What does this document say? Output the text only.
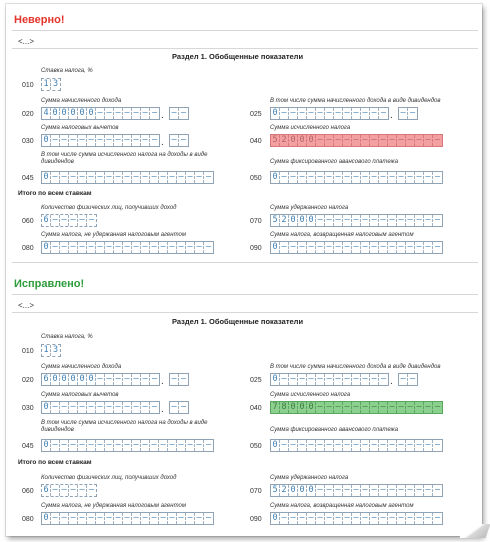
Неверно!
<...>
Раздел 1. Обобщенные показатели
Ставка налога, %
010 1 3
Сумма начисленного дохода
020 4 0 0 0 0 0 – – – – – – – . – –
В том числе сумма начисленного дохода в виде дивидендов
025 0 – – – – – – – – – – – – . – –
Сумма налоговых вычетов
030 0 – – – – – – – – – – – – . – –
Сумма исчисленного налога
040 5 2 0 0 0 – – – – – – – – – – – – – –
В том числе сумма исчисленного налога на доходы в виде дивидендов
045 0 – – – – – – – – – – – – – – – – – –
Сумма фиксированного авансового платежа
050 0 – – – – – – – – – – – – – – – – – –
Итого по всем ставкам
Количество физических лиц, получивших доход
060 6 – – – – –
Сумма удержанного налога
070 5 2 0 0 0 – – – – – – – – – – – – – –
Сумма налога, не удержанная налоговым агентом
080 0 – – – – – – – – – – – – – – – – – –
Сумма налога, возвращенная налоговым агентом
090 0 – – – – – – – – – – – – – – – – – –
Исправлено!
<...>
Раздел 1. Обобщенные показатели
Ставка налога, %
010 1 3
Сумма начисленного дохода
020 6 0 0 0 0 0 – – – – – – – . – –
В том числе сумма начисленного дохода в виде дивидендов
025 0 – – – – – – – – – – – – . – –
Сумма налоговых вычетов
030 0 – – – – – – – – – – – – . – –
Сумма исчисленного налога
040 7 8 0 0 0 – – – – – – – – – – – – – –
В том числе сумма исчисленного налога на доходы в виде дивидендов
045 0 – – – – – – – – – – – – – – – – – –
Сумма фиксированного авансового платежа
050 0 – – – – – – – – – – – – – – – – – –
Итого по всем ставкам
Количество физических лиц, получивших доход
060 6 – – – – –
Сумма удержанного налога
070 5 2 0 0 0 – – – – – – – – – – – – – –
Сумма налога, не удержанная налоговым агентом
080 0 – – – – – – – – – – – – – – – – – –
Сумма налога, возвращенная налоговым агентом
090 0 – – – – – – – – – – – – – – – – – –
